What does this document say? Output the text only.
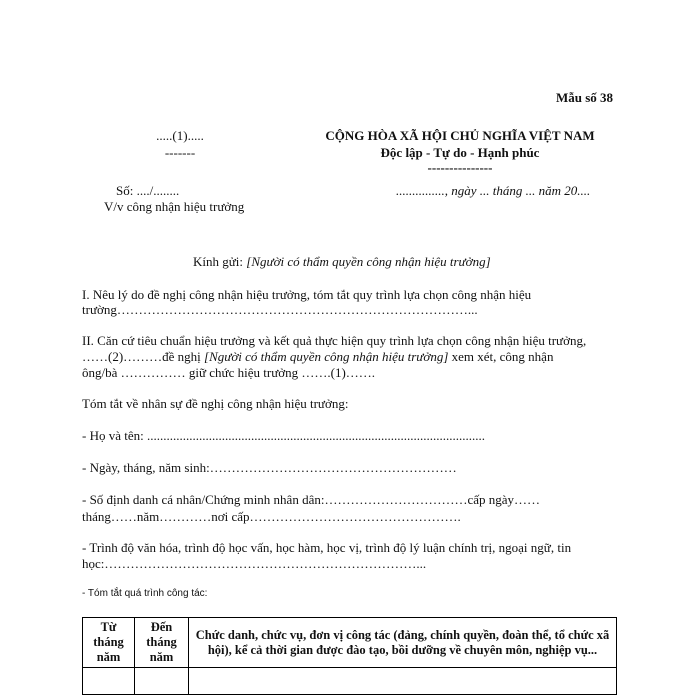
Mẫu số 38
.....(1).....
-------
CỘNG HÒA XÃ HỘI CHỦ NGHĨA VIỆT NAM
Độc lập - Tự do - Hạnh phúc
---------------
Số: ..../........	..............., ngày ... tháng ... năm 20....
V/v công nhận hiệu trưởng
Kính gửi: [Người có thẩm quyền công nhận hiệu trưởng]
I. Nêu lý do đề nghị công nhận hiệu trưởng, tóm tắt quy trình lựa chọn công nhận hiệu
trường………………………………………………………………………...
II. Căn cứ tiêu chuẩn hiệu trưởng và kết quả thực hiện quy trình lựa chọn công nhận hiệu trưởng,
……(2)………đề nghị [Người có thẩm quyền công nhận hiệu trưởng] xem xét, công nhận
ông/bà …………… giữ chức hiệu trưởng …….(1)…….
Tóm tắt về nhân sự đề nghị công nhận hiệu trưởng:
- Họ và tên: ........................................................................................................
- Ngày, tháng, năm sinh:…………………………………………………
- Số định danh cá nhân/Chứng minh nhân dân:……………………………cấp ngày……
tháng……năm…………nơi cấp………………………………………….
- Trình độ văn hóa, trình độ học vấn, học hàm, học vị, trình độ lý luận chính trị, ngoại ngữ, tin
học:………………………………………………………………...
- Tóm tắt quá trình công tác:
Từ tháng năm	Đến tháng năm	Chức danh, chức vụ, đơn vị công tác (đảng, chính quyền, đoàn thể, tổ chức xã hội), kể cả thời gian được đào tạo, bồi dưỡng về chuyên môn, nghiệp vụ...
